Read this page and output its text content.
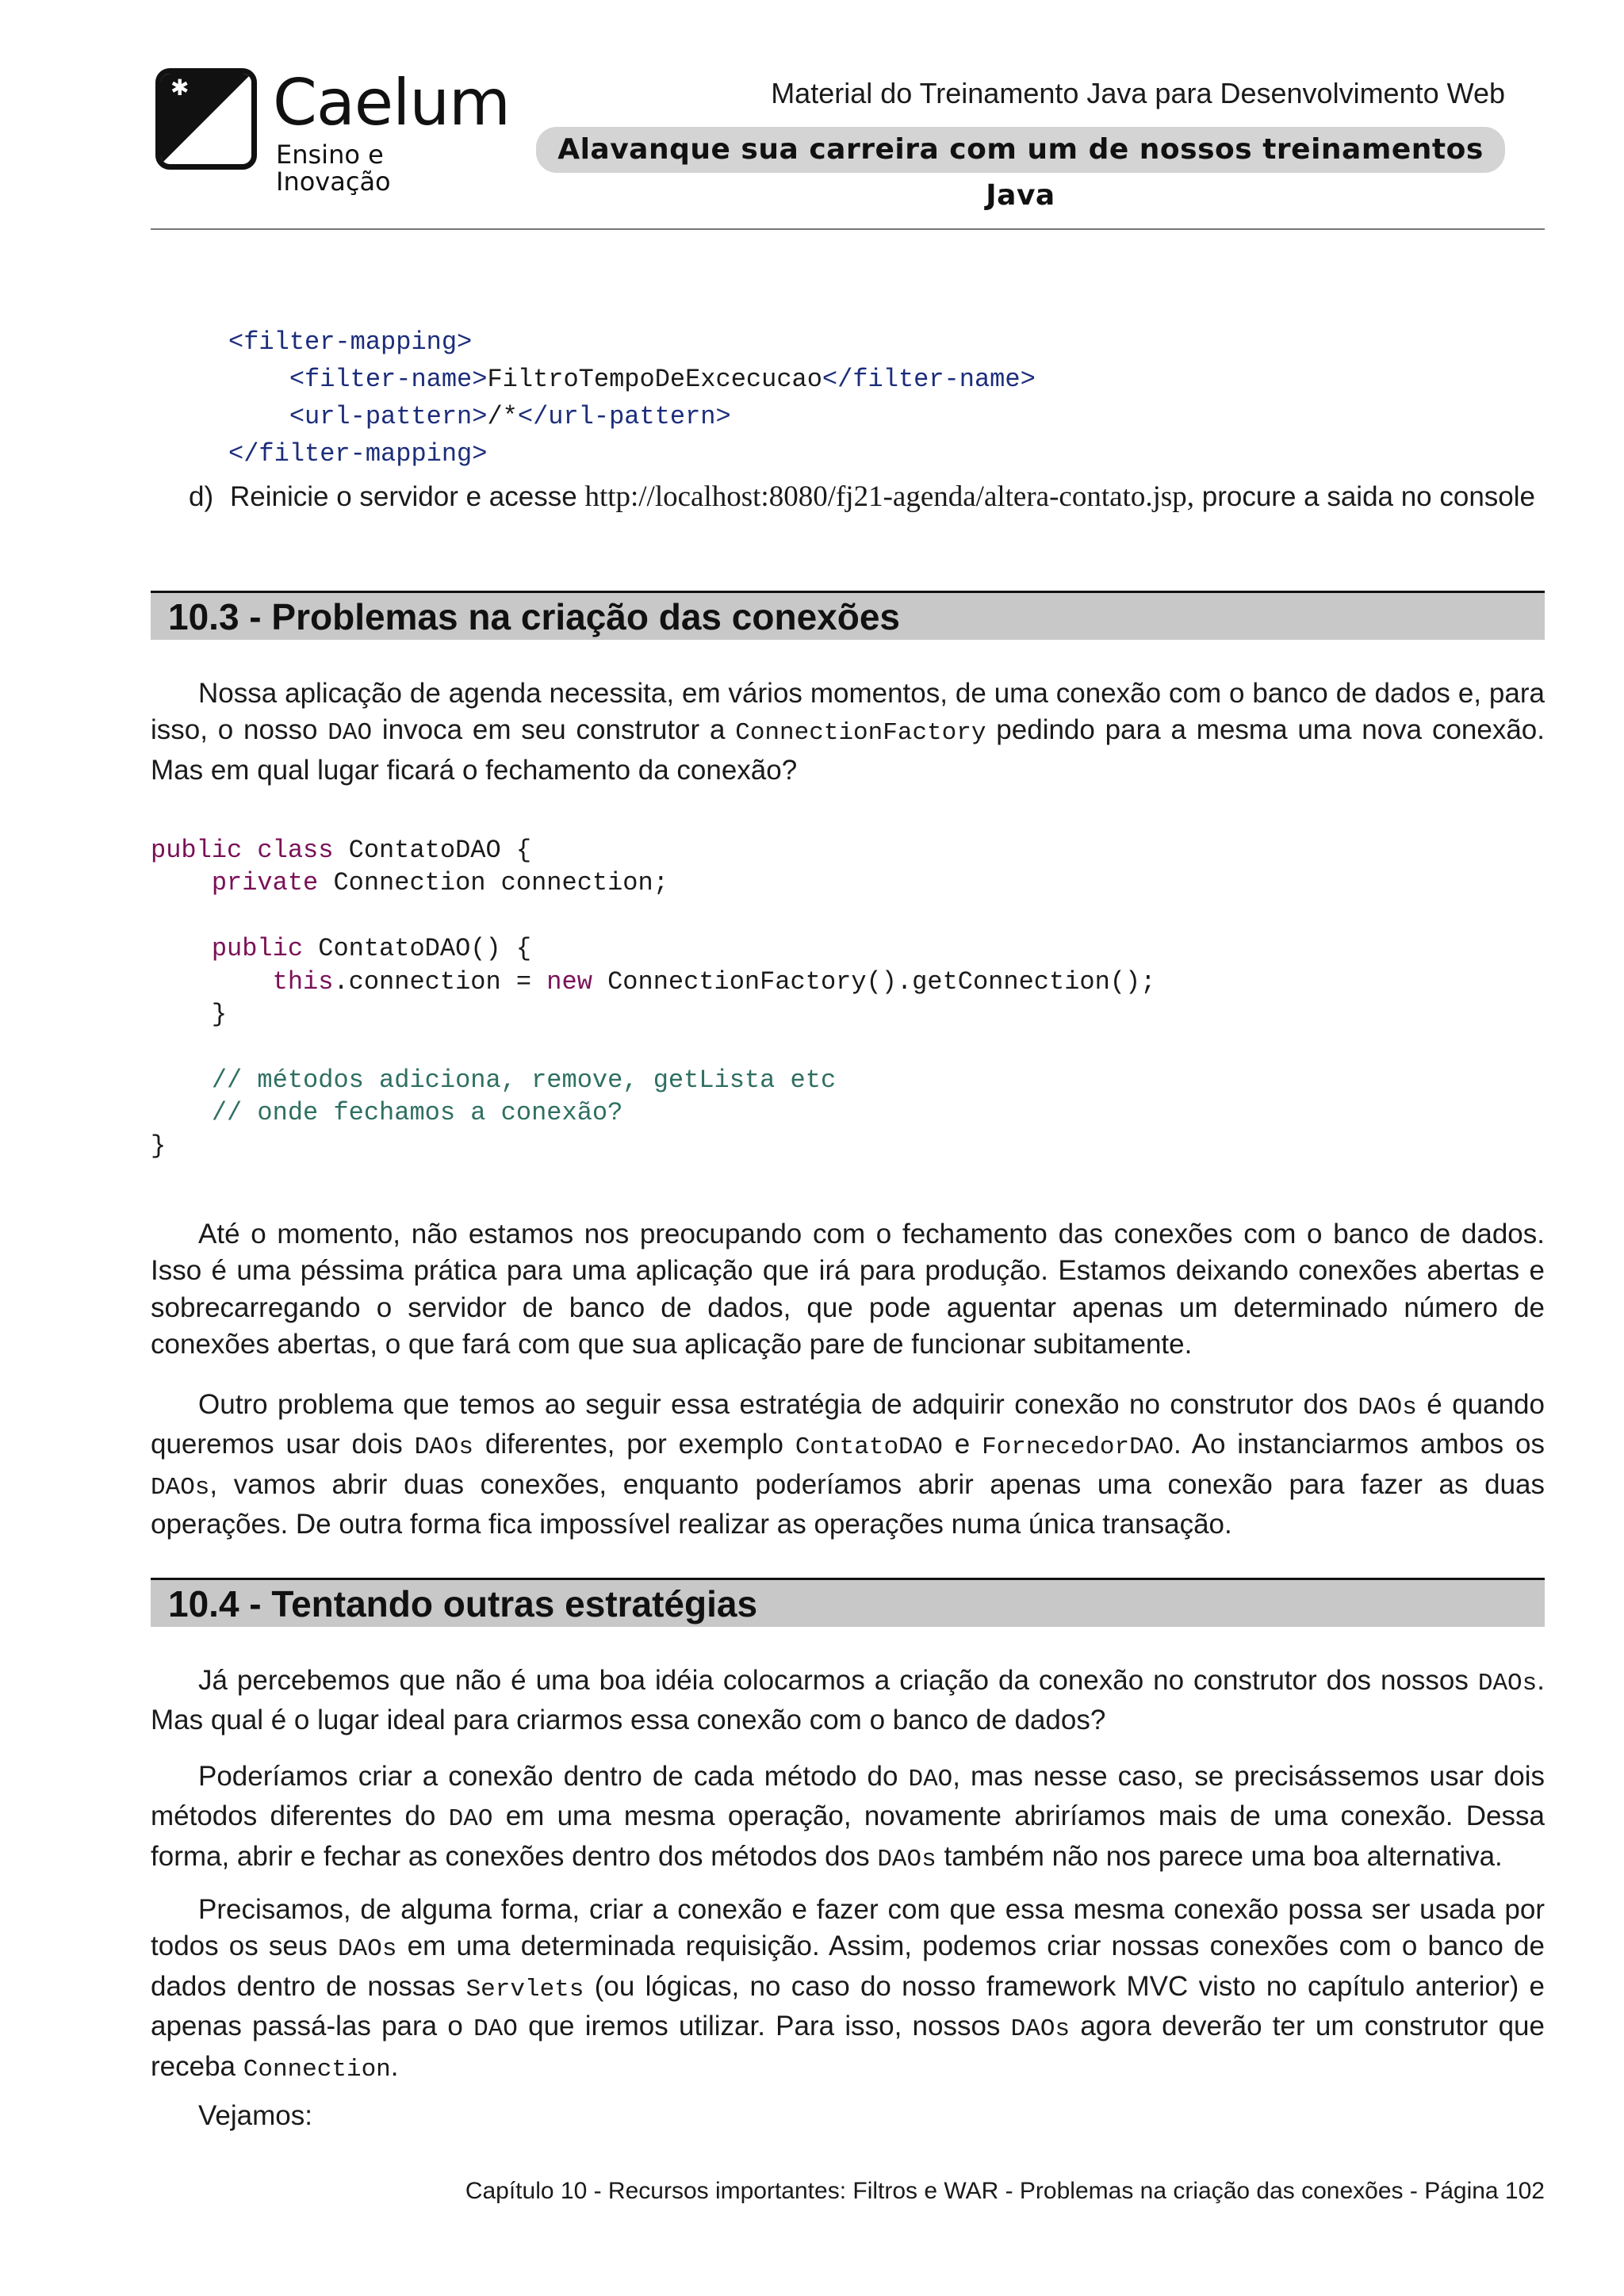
✱ Caelum
Ensino e Inovação
Material do Treinamento Java para Desenvolvimento Web
Alavanque sua carreira com um de nossos treinamentos Java
<filter-mapping>
<filter-name>FiltroTempoDeExcecucao</filter-name>
<url-pattern>/*</url-pattern>
</filter-mapping>
d) Reinicie o servidor e acesse http://localhost:8080/fj21-agenda/altera-contato.jsp, procure a saida no console

10.3 - Problemas na criação das conexões

Nossa aplicação de agenda necessita, em vários momentos, de uma conexão com o banco de dados e, para isso, o nosso DAO invoca em seu construtor a ConnectionFactory pedindo para a mesma uma nova conexão. Mas em qual lugar ficará o fechamento da conexão?

public class ContatoDAO {
private Connection connection;

public ContatoDAO() {
this.connection = new ConnectionFactory().getConnection();
}

// métodos adiciona, remove, getLista etc
// onde fechamos a conexão?
}

Até o momento, não estamos nos preocupando com o fechamento das conexões com o banco de dados. Isso é uma péssima prática para uma aplicação que irá para produção. Estamos deixando conexões abertas e sobrecarregando o servidor de banco de dados, que pode aguentar apenas um determinado número de conexões abertas, o que fará com que sua aplicação pare de funcionar subitamente.

Outro problema que temos ao seguir essa estratégia de adquirir conexão no construtor dos DAOs é quando queremos usar dois DAOs diferentes, por exemplo ContatoDAO e FornecedorDAO. Ao instanciarmos ambos os DAOs, vamos abrir duas conexões, enquanto poderíamos abrir apenas uma conexão para fazer as duas operações. De outra forma fica impossível realizar as operações numa única transação.

10.4 - Tentando outras estratégias

Já percebemos que não é uma boa idéia colocarmos a criação da conexão no construtor dos nossos DAOs. Mas qual é o lugar ideal para criarmos essa conexão com o banco de dados?

Poderíamos criar a conexão dentro de cada método do DAO, mas nesse caso, se precisássemos usar dois métodos diferentes do DAO em uma mesma operação, novamente abriríamos mais de uma conexão. Dessa forma, abrir e fechar as conexões dentro dos métodos dos DAOs também não nos parece uma boa alternativa.

Precisamos, de alguma forma, criar a conexão e fazer com que essa mesma conexão possa ser usada por todos os seus DAOs em uma determinada requisição. Assim, podemos criar nossas conexões com o banco de dados dentro de nossas Servlets (ou lógicas, no caso do nosso framework MVC visto no capítulo anterior) e apenas passá-las para o DAO que iremos utilizar. Para isso, nossos DAOs agora deverão ter um construtor que receba Connection.

Vejamos:

Capítulo 10 - Recursos importantes: Filtros e WAR - Problemas na criação das conexões - Página 102
